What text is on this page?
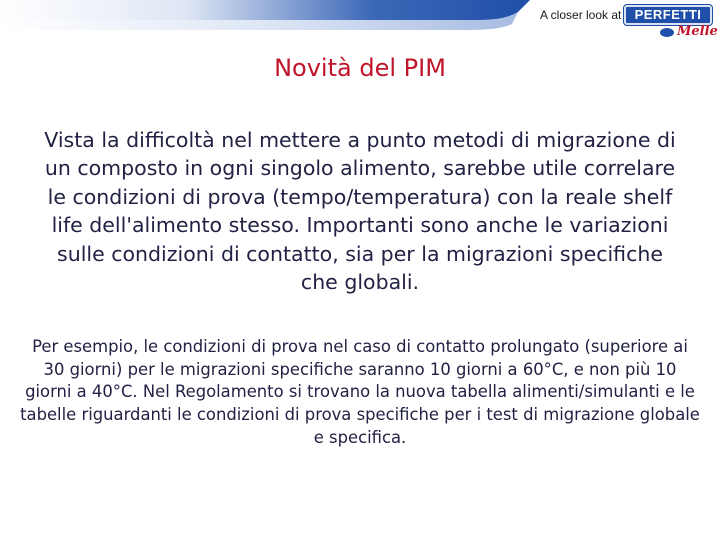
A closer look at	PERFETTI
Melle
Novità del PIM
Vista la difficoltà nel mettere a punto metodi di migrazione di un composto in ogni singolo alimento, sarebbe utile correlare le condizioni di prova (tempo/temperatura) con la reale shelf life dell'alimento stesso. Importanti sono anche le variazioni sulle condizioni di contatto, sia per la migrazioni specifiche che globali.
Per esempio, le condizioni di prova nel caso di contatto prolungato (superiore ai 30 giorni) per le migrazioni specifiche saranno 10 giorni a 60°C, e non più 10 giorni a 40°C. Nel Regolamento si trovano la nuova tabella alimenti/simulanti e le tabelle riguardanti le condizioni di prova specifiche per i test di migrazione globale e specifica.
